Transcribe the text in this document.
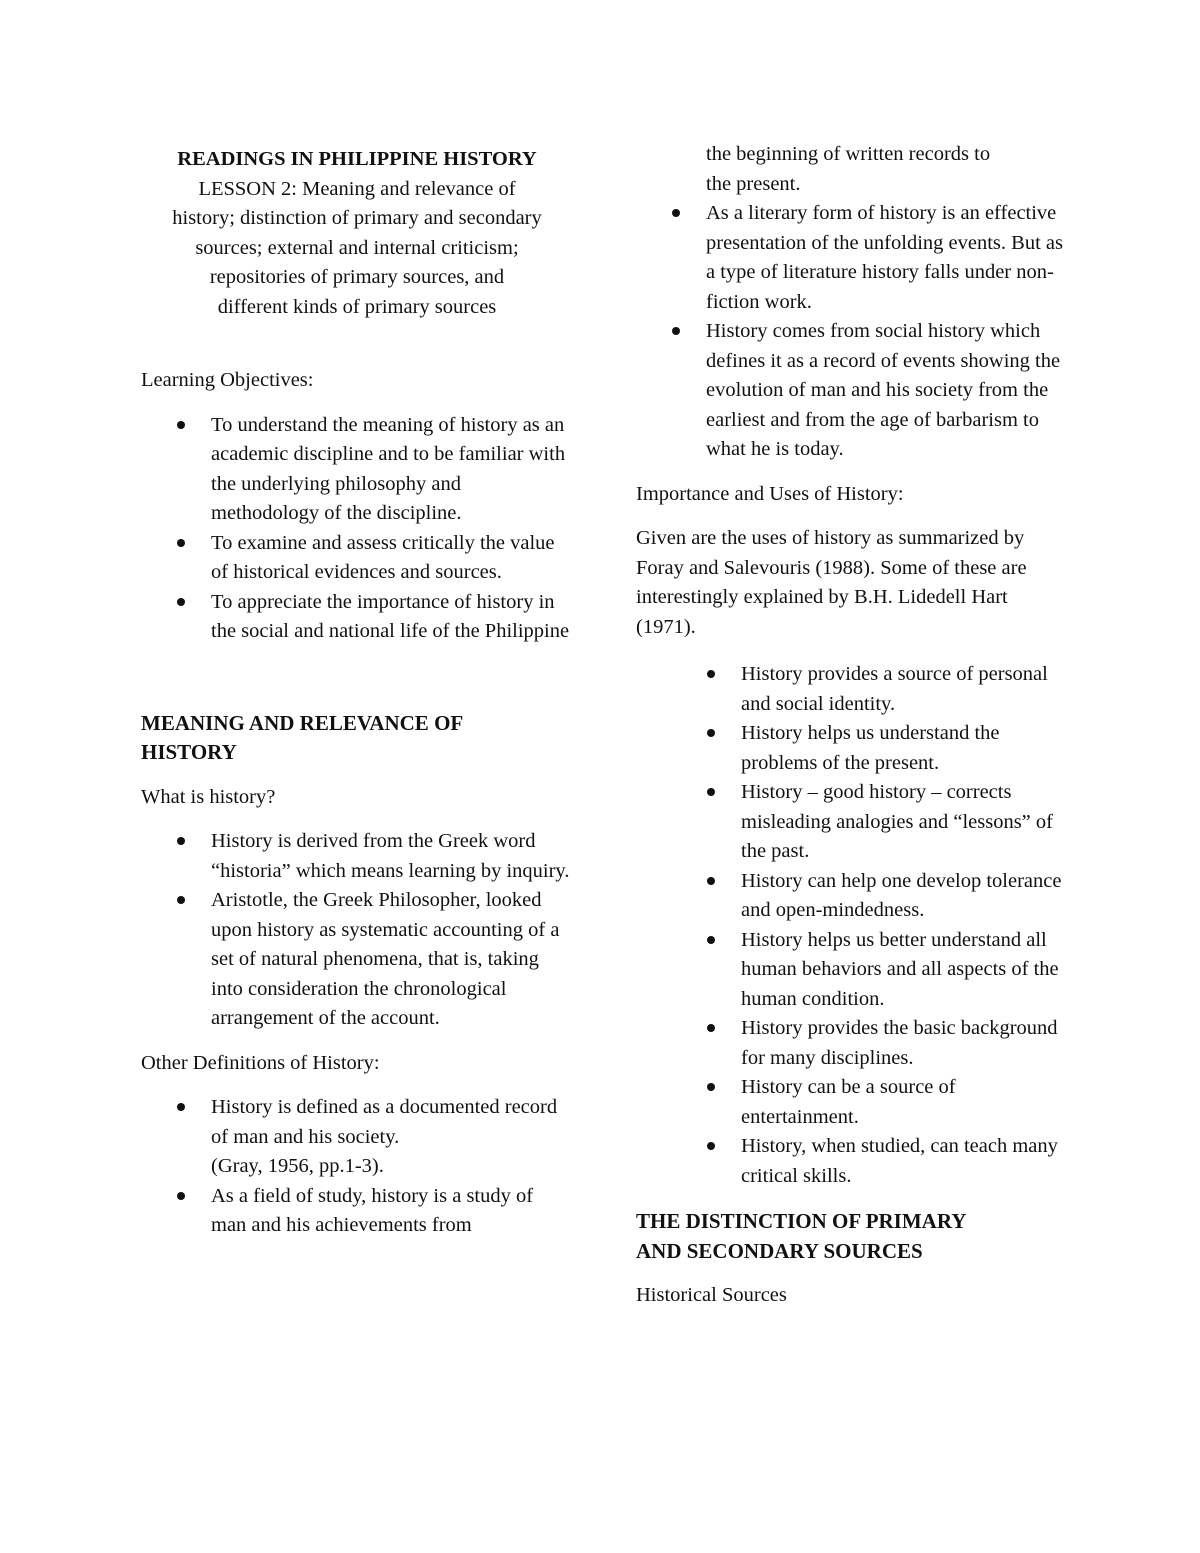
READINGS IN PHILIPPINE HISTORY

LESSON 2: Meaning and relevance of
history; distinction of primary and secondary
sources; external and internal criticism;
repositories of primary sources, and
different kinds of primary sources

Learning Objectives:

To understand the meaning of history as an academic discipline and to be familiar with the underlying philosophy and methodology of the discipline.
To examine and assess critically the value of historical evidences and sources.
To appreciate the importance of history in the social and national life of the Philippine
MEANING AND RELEVANCE OF
HISTORY

What is history?

History is derived from the Greek word “historia” which means learning by inquiry.
Aristotle, the Greek Philosopher, looked upon history as systematic accounting of a set of natural phenomena, that is, taking into consideration the chronological arrangement of the account.

Other Definitions of History:

History is defined as a documented record of man and his society.
(Gray, 1956, pp.1-3).
As a field of study, history is a study of man and his achievements from
the beginning of written records to
the present.
As a literary form of history is an effective presentation of the unfolding events. But as a type of literature history falls under non-fiction work.
History comes from social history which defines it as a record of events showing the evolution of man and his society from the earliest and from the age of barbarism to what he is today.

Importance and Uses of History:

Given are the uses of history as summarized by Foray and Salevouris (1988). Some of these are interestingly explained by B.H. Lidedell Hart (1971).

History provides a source of personal and social identity.
History helps us understand the problems of the present.
History – good history – corrects misleading analogies and “lessons” of the past.
History can help one develop tolerance and open-mindedness.
History helps us better understand all human behaviors and all aspects of the human condition.
History provides the basic background for many disciplines.
History can be a source of entertainment.
History, when studied, can teach many critical skills.
THE DISTINCTION OF PRIMARY
AND SECONDARY SOURCES

Historical Sources
